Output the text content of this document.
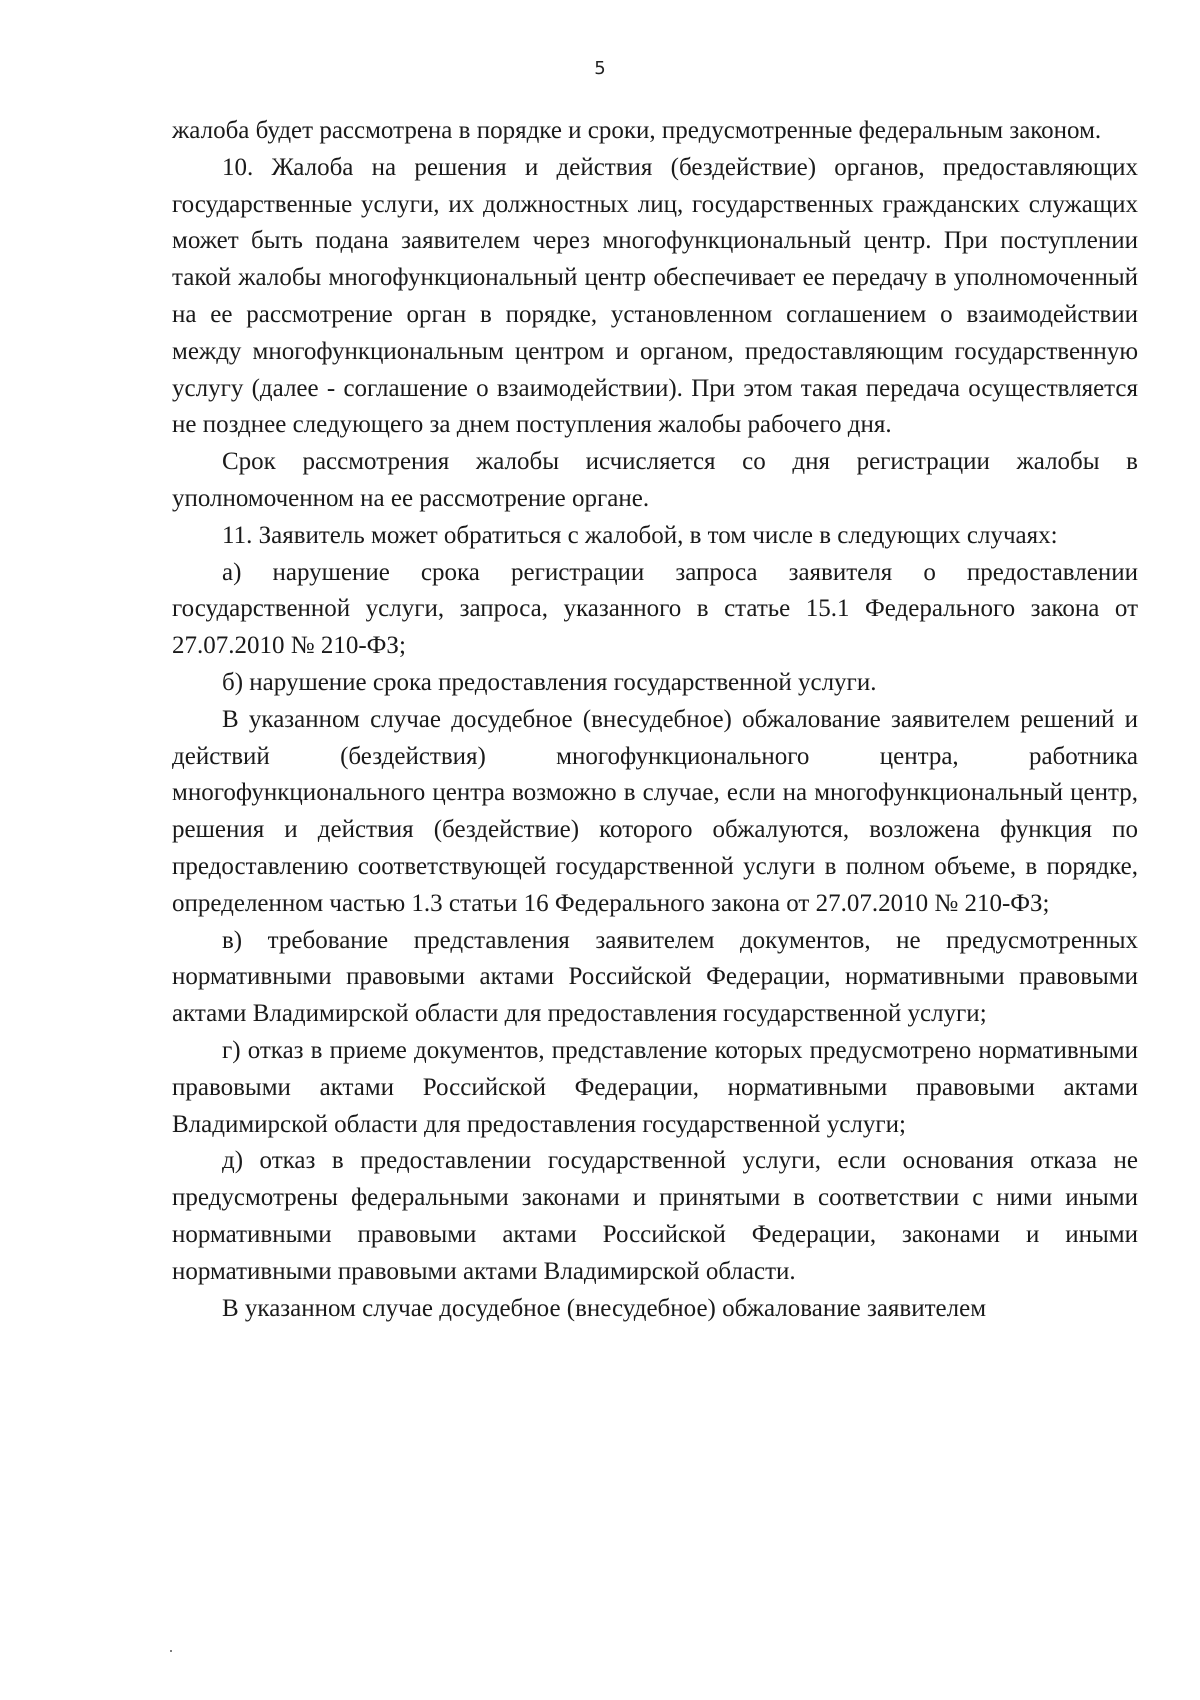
5

жалоба будет рассмотрена в порядке и сроки, предусмотренные федеральным законом.

10. Жалоба на решения и действия (бездействие) органов, предоставляющих государственные услуги, их должностных лиц, государственных гражданских служащих может быть подана заявителем через многофункциональный центр. При поступлении такой жалобы многофункциональный центр обеспечивает ее передачу в уполномоченный на ее рассмотрение орган в порядке, установленном соглашением о взаимодействии между многофункциональным центром и органом, предоставляющим государственную услугу (далее - соглашение о взаимодействии). При этом такая передача осуществляется не позднее следующего за днем поступления жалобы рабочего дня.

Срок рассмотрения жалобы исчисляется со дня регистрации жалобы в уполномоченном на ее рассмотрение органе.

11. Заявитель может обратиться с жалобой, в том числе в следующих случаях:

а) нарушение срока регистрации запроса заявителя о предоставлении государственной услуги, запроса, указанного в статье 15.1 Федерального закона от 27.07.2010 № 210-ФЗ;

б) нарушение срока предоставления государственной услуги.

В указанном случае досудебное (внесудебное) обжалование заявителем решений и действий (бездействия) многофункционального центра, работника многофункционального центра возможно в случае, если на многофункциональный центр, решения и действия (бездействие) которого обжалуются, возложена функция по предоставлению соответствующей государственной услуги в полном объеме, в порядке, определенном частью 1.3 статьи 16 Федерального закона от 27.07.2010 № 210-ФЗ;

в) требование представления заявителем документов, не предусмотренных нормативными правовыми актами Российской Федерации, нормативными правовыми актами Владимирской области для предоставления государственной услуги;

г) отказ в приеме документов, представление которых предусмотрено нормативными правовыми актами Российской Федерации, нормативными правовыми актами Владимирской области для предоставления государственной услуги;

д) отказ в предоставлении государственной услуги, если основания отказа не предусмотрены федеральными законами и принятыми в соответствии с ними иными нормативными правовыми актами Российской Федерации, законами и иными нормативными правовыми актами Владимирской области.

В указанном случае досудебное (внесудебное) обжалование заявителем
